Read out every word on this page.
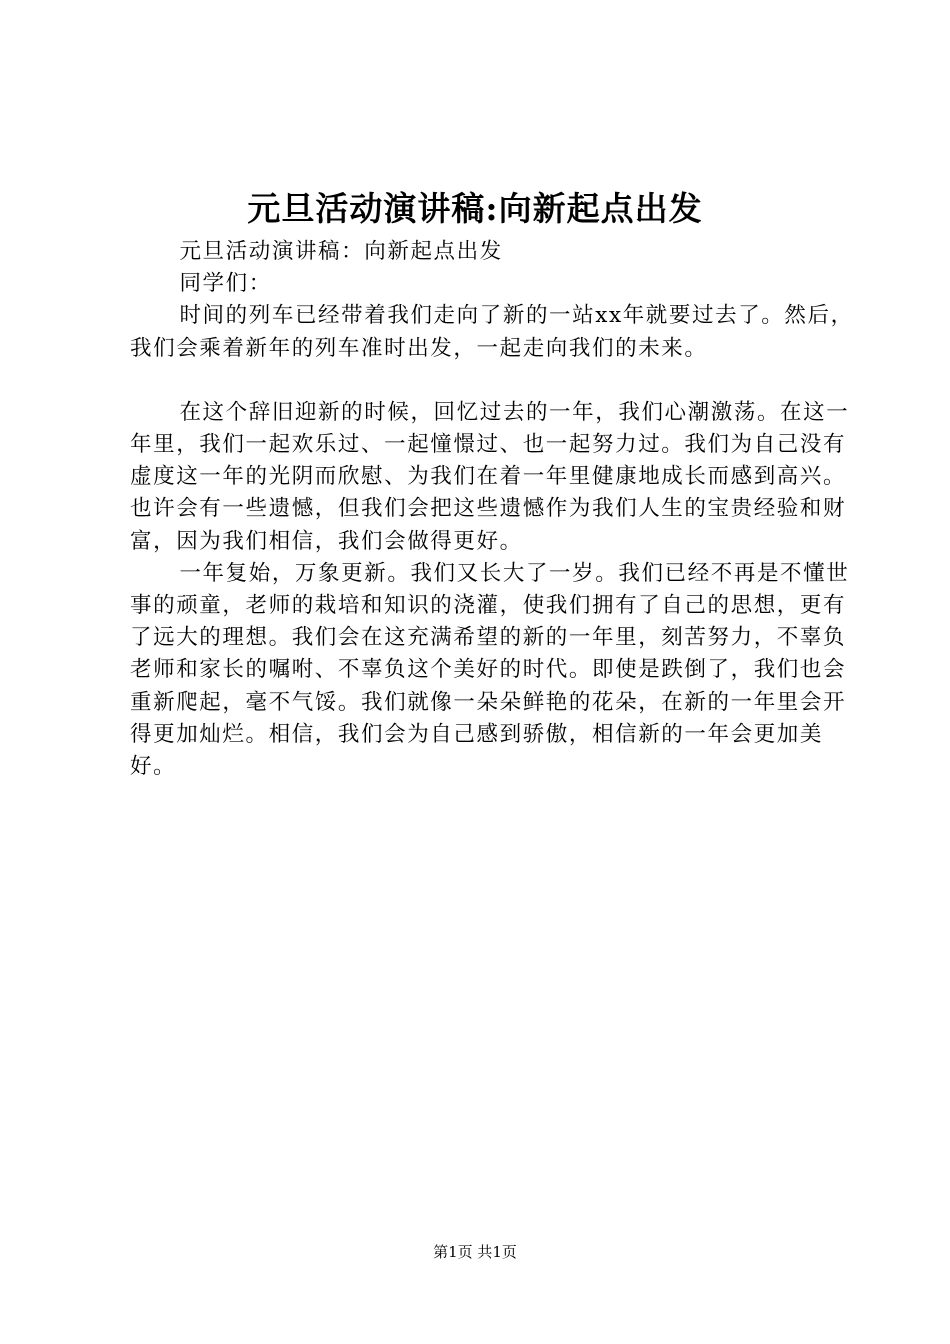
元旦活动演讲稿:向新起点出发

元旦活动演讲稿：向新起点出发

同学们：

时间的列车已经带着我们走向了新的一站xx年就要过去了。然后，我们会乘着新年的列车准时出发，一起走向我们的未来。

在这个辞旧迎新的时候，回忆过去的一年，我们心潮激荡。在这一年里，我们一起欢乐过、一起憧憬过、也一起努力过。我们为自己没有虚度这一年的光阴而欣慰、为我们在着一年里健康地成长而感到高兴。也许会有一些遗憾，但我们会把这些遗憾作为我们人生的宝贵经验和财富，因为我们相信，我们会做得更好。

一年复始，万象更新。我们又长大了一岁。我们已经不再是不懂世事的顽童，老师的栽培和知识的浇灌，使我们拥有了自己的思想，更有了远大的理想。我们会在这充满希望的新的一年里，刻苦努力，不辜负老师和家长的嘱咐、不辜负这个美好的时代。即使是跌倒了，我们也会重新爬起，毫不气馁。我们就像一朵朵鲜艳的花朵，在新的一年里会开得更加灿烂。相信，我们会为自己感到骄傲，相信新的一年会更加美好。

第1页 共1页
